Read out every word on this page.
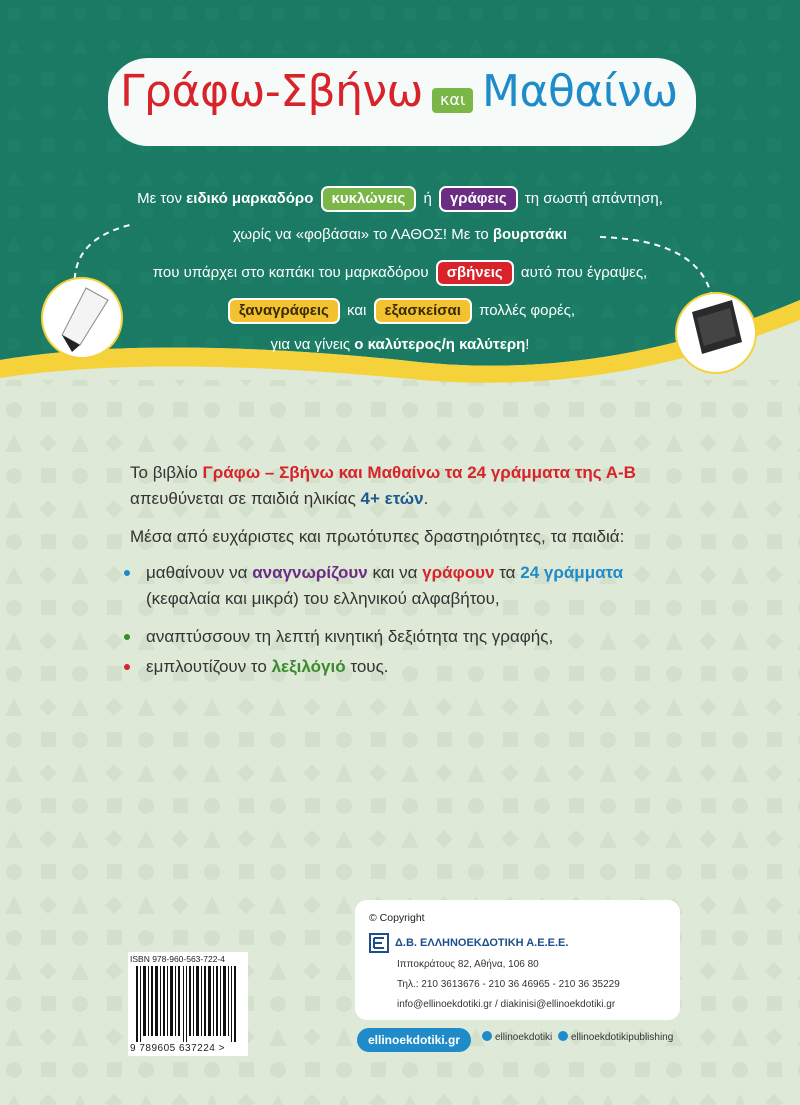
Γράφω-Σβήνω	και Μαθαίνω
Με τον ειδικό μαρκαδόρο κυκλώνεις ή γράφεις τη σωστή απάντηση,
χωρίς να «φοβάσαι» το ΛΑΘΟΣ! Με το βουρτσάκι
που υπάρχει στο καπάκι του μαρκαδόρου σβήνεις αυτό που έγραψες,
ξαναγράφεις και εξασκείσαι πολλές φορές,
για να γίνεις ο καλύτερος/η καλύτερη!

Το βιβλίο Γράφω – Σβήνω και Μαθαίνω τα 24 γράμματα της Α-Β
απευθύνεται σε παιδιά ηλικίας 4+ ετών.

Μέσα από ευχάριστες και πρωτότυπες δραστηριότητες, τα παιδιά:

μαθαίνουν να αναγνωρίζουν και να γράφουν τα 24 γράμματα
(κεφαλαία και μικρά) του ελληνικού αλφαβήτου,
αναπτύσσουν τη λεπτή κινητική δεξιότητα της γραφής,
εμπλουτίζουν το λεξιλόγιό τους.
ISBN 978-960-563-722-4
9 789605 637224 >
© Copyright
Δ.Β. ΕΛΛΗΝΟΕΚΔΟΤΙΚΗ Α.Ε.Ε.Ε.
Ιπποκράτους 82, Αθήνα, 106 80
Τηλ.: 210 3613676 - 210 36 46965 - 210 36 35229
info@ellinoekdotiki.gr / diakinisi@ellinoekdotiki.gr
ellinoekdotiki.gr	ellinoekdotiki	ellinoekdotikipublishing
